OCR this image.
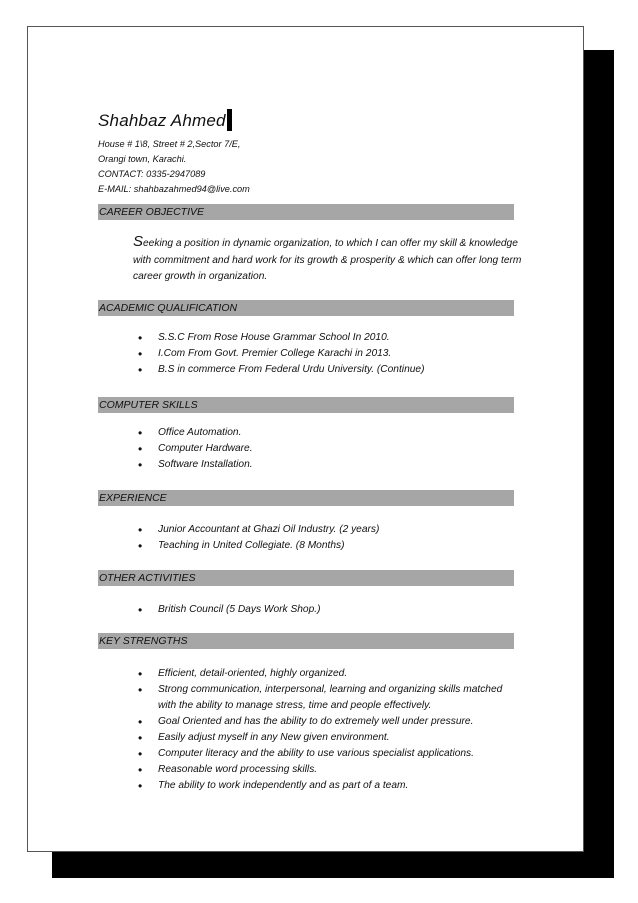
Shahbaz Ahmed
House # 1\8, Street # 2,Sector 7/E,
Orangi town, Karachi.
CONTACT: 0335-2947089
E-MAIL: shahbazahmed94@live.com
CAREER OBJECTIVE
Seeking a position in dynamic organization, to which I can offer my skill & knowledge with commitment and hard work for its growth & prosperity & which can offer long term career growth in organization.
ACADEMIC QUALIFICATION
• S.S.C From Rose House Grammar School In 2010.
• I.Com From Govt. Premier College Karachi in 2013.
• B.S in commerce From Federal Urdu University. (Continue)
COMPUTER SKILLS
• Office Automation.
• Computer Hardware.
• Software Installation.
EXPERIENCE
• Junior Accountant at Ghazi Oil Industry. (2 years)
• Teaching in United Collegiate. (8 Months)
OTHER ACTIVITIES
• British Council (5 Days Work Shop.)
KEY STRENGTHS
• Efficient, detail-oriented, highly organized.
• Strong communication, interpersonal, learning and organizing skills matched with the ability to manage stress, time and people effectively.
• Goal Oriented and has the ability to do extremely well under pressure.
• Easily adjust myself in any New given environment.
• Computer literacy and the ability to use various specialist applications.
• Reasonable word processing skills.
• The ability to work independently and as part of a team.
